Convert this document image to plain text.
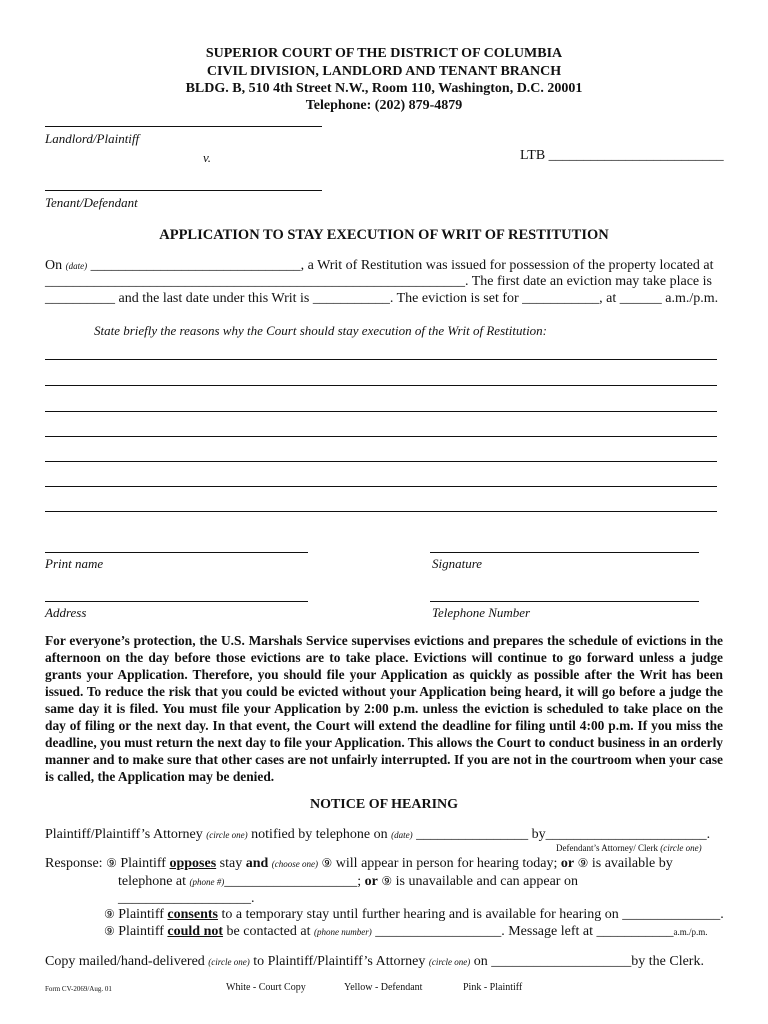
SUPERIOR COURT OF THE DISTRICT OF COLUMBIA
CIVIL DIVISION, LANDLORD AND TENANT BRANCH
BLDG. B, 510 4th Street N.W., Room 110, Washington, D.C. 20001
Telephone: (202) 879-4879
Landlord/Plaintiff
v.	LTB _________________________
Tenant/Defendant
APPLICATION TO STAY EXECUTION OF WRIT OF RESTITUTION
On (date) ______________________________, a Writ of Restitution was issued for possession of the property located at
____________________________________________________________. The first date an eviction may take place is
__________ and the last date under this Writ is ___________. The eviction is set for ___________, at ______ a.m./p.m.
State briefly the reasons why the Court should stay execution of the Writ of Restitution:
Print name	Signature
Address	Telephone Number
For everyone’s protection, the U.S. Marshals Service supervises evictions and prepares the schedule of evictions in the afternoon on the day before those evictions are to take place. Evictions will continue to go forward unless a judge grants your Application. Therefore, you should file your Application as quickly as possible after the Writ has been issued. To reduce the risk that you could be evicted without your Application being heard, it will go before a judge the same day it is filed. You must file your Application by 2:00 p.m. unless the eviction is scheduled to take place on the day of filing or the next day. In that event, the Court will extend the deadline for filing until 4:00 p.m. If you miss the deadline, you must return the next day to file your Application. This allows the Court to conduct business in an orderly manner and to make sure that other cases are not unfairly interrupted. If you are not in the courtroom when your case is called, the Application may be denied.
NOTICE OF HEARING
Plaintiff/Plaintiff’s Attorney (circle one) notified by telephone on (date) ________________ by_______________________.
Defendant’s Attorney/ Clerk (circle one)
Response: ⑨ Plaintiff opposes stay and (choose one) ⑨ will appear in person for hearing today; or ⑨ is available by
telephone at (phone #)___________________; or ⑨ is unavailable and can appear on
___________________.
⑨ Plaintiff consents to a temporary stay until further hearing and is available for hearing on ______________.
⑨ Plaintiff could not be contacted at (phone number) __________________. Message left at ___________a.m./p.m.
Copy mailed/hand-delivered (circle one) to Plaintiff/Plaintiff’s Attorney (circle one) on ____________________by the Clerk.
Form CV-2069/Aug. 01	White - Court Copy	Yellow - Defendant	Pink - Plaintiff
